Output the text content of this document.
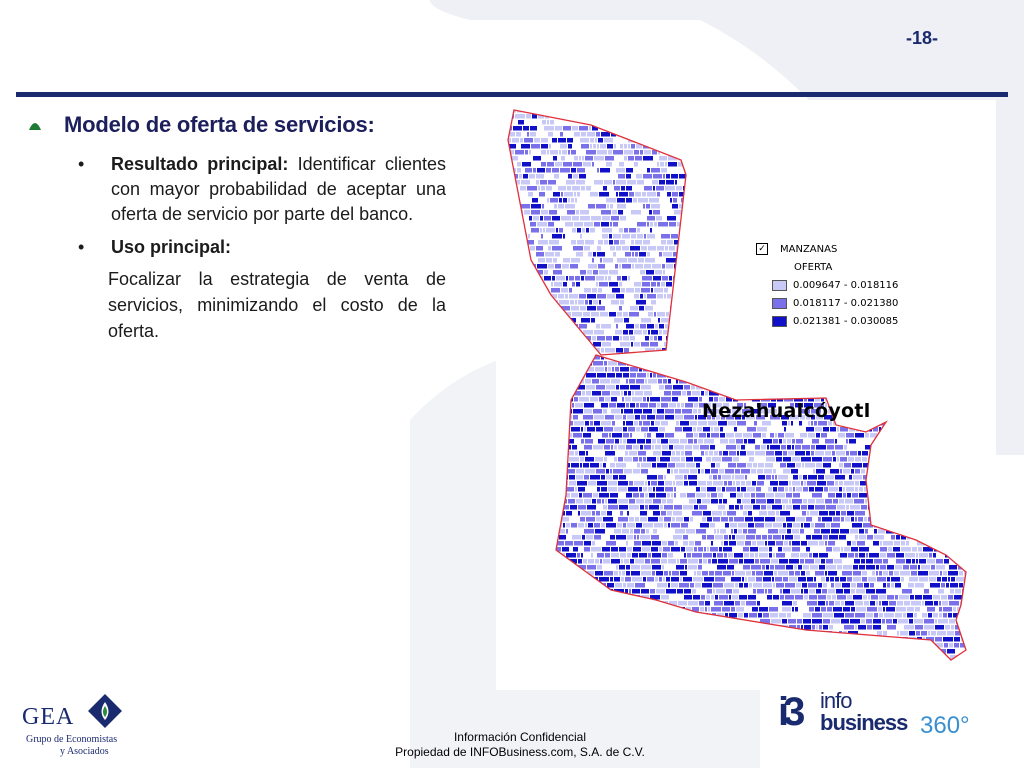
-18-
Modelo de oferta de servicios:
• Resultado principal: Identificar clientes con mayor probabilidad de aceptar una oferta de servicio por parte del banco.
• Uso principal:
Focalizar la estrategia de venta de servicios, minimizando el costo de la oferta.
✓ MANZANAS
OFERTA
0.009647 - 0.018116
0.018117 - 0.021380
0.021381 - 0.030085
Nezahualcóyotl
GEA
Grupo de Economistas
y Asociados
Información Confidencial
Propiedad de INFOBusiness.com, S.A. de C.V.
i3 info
business 360°
